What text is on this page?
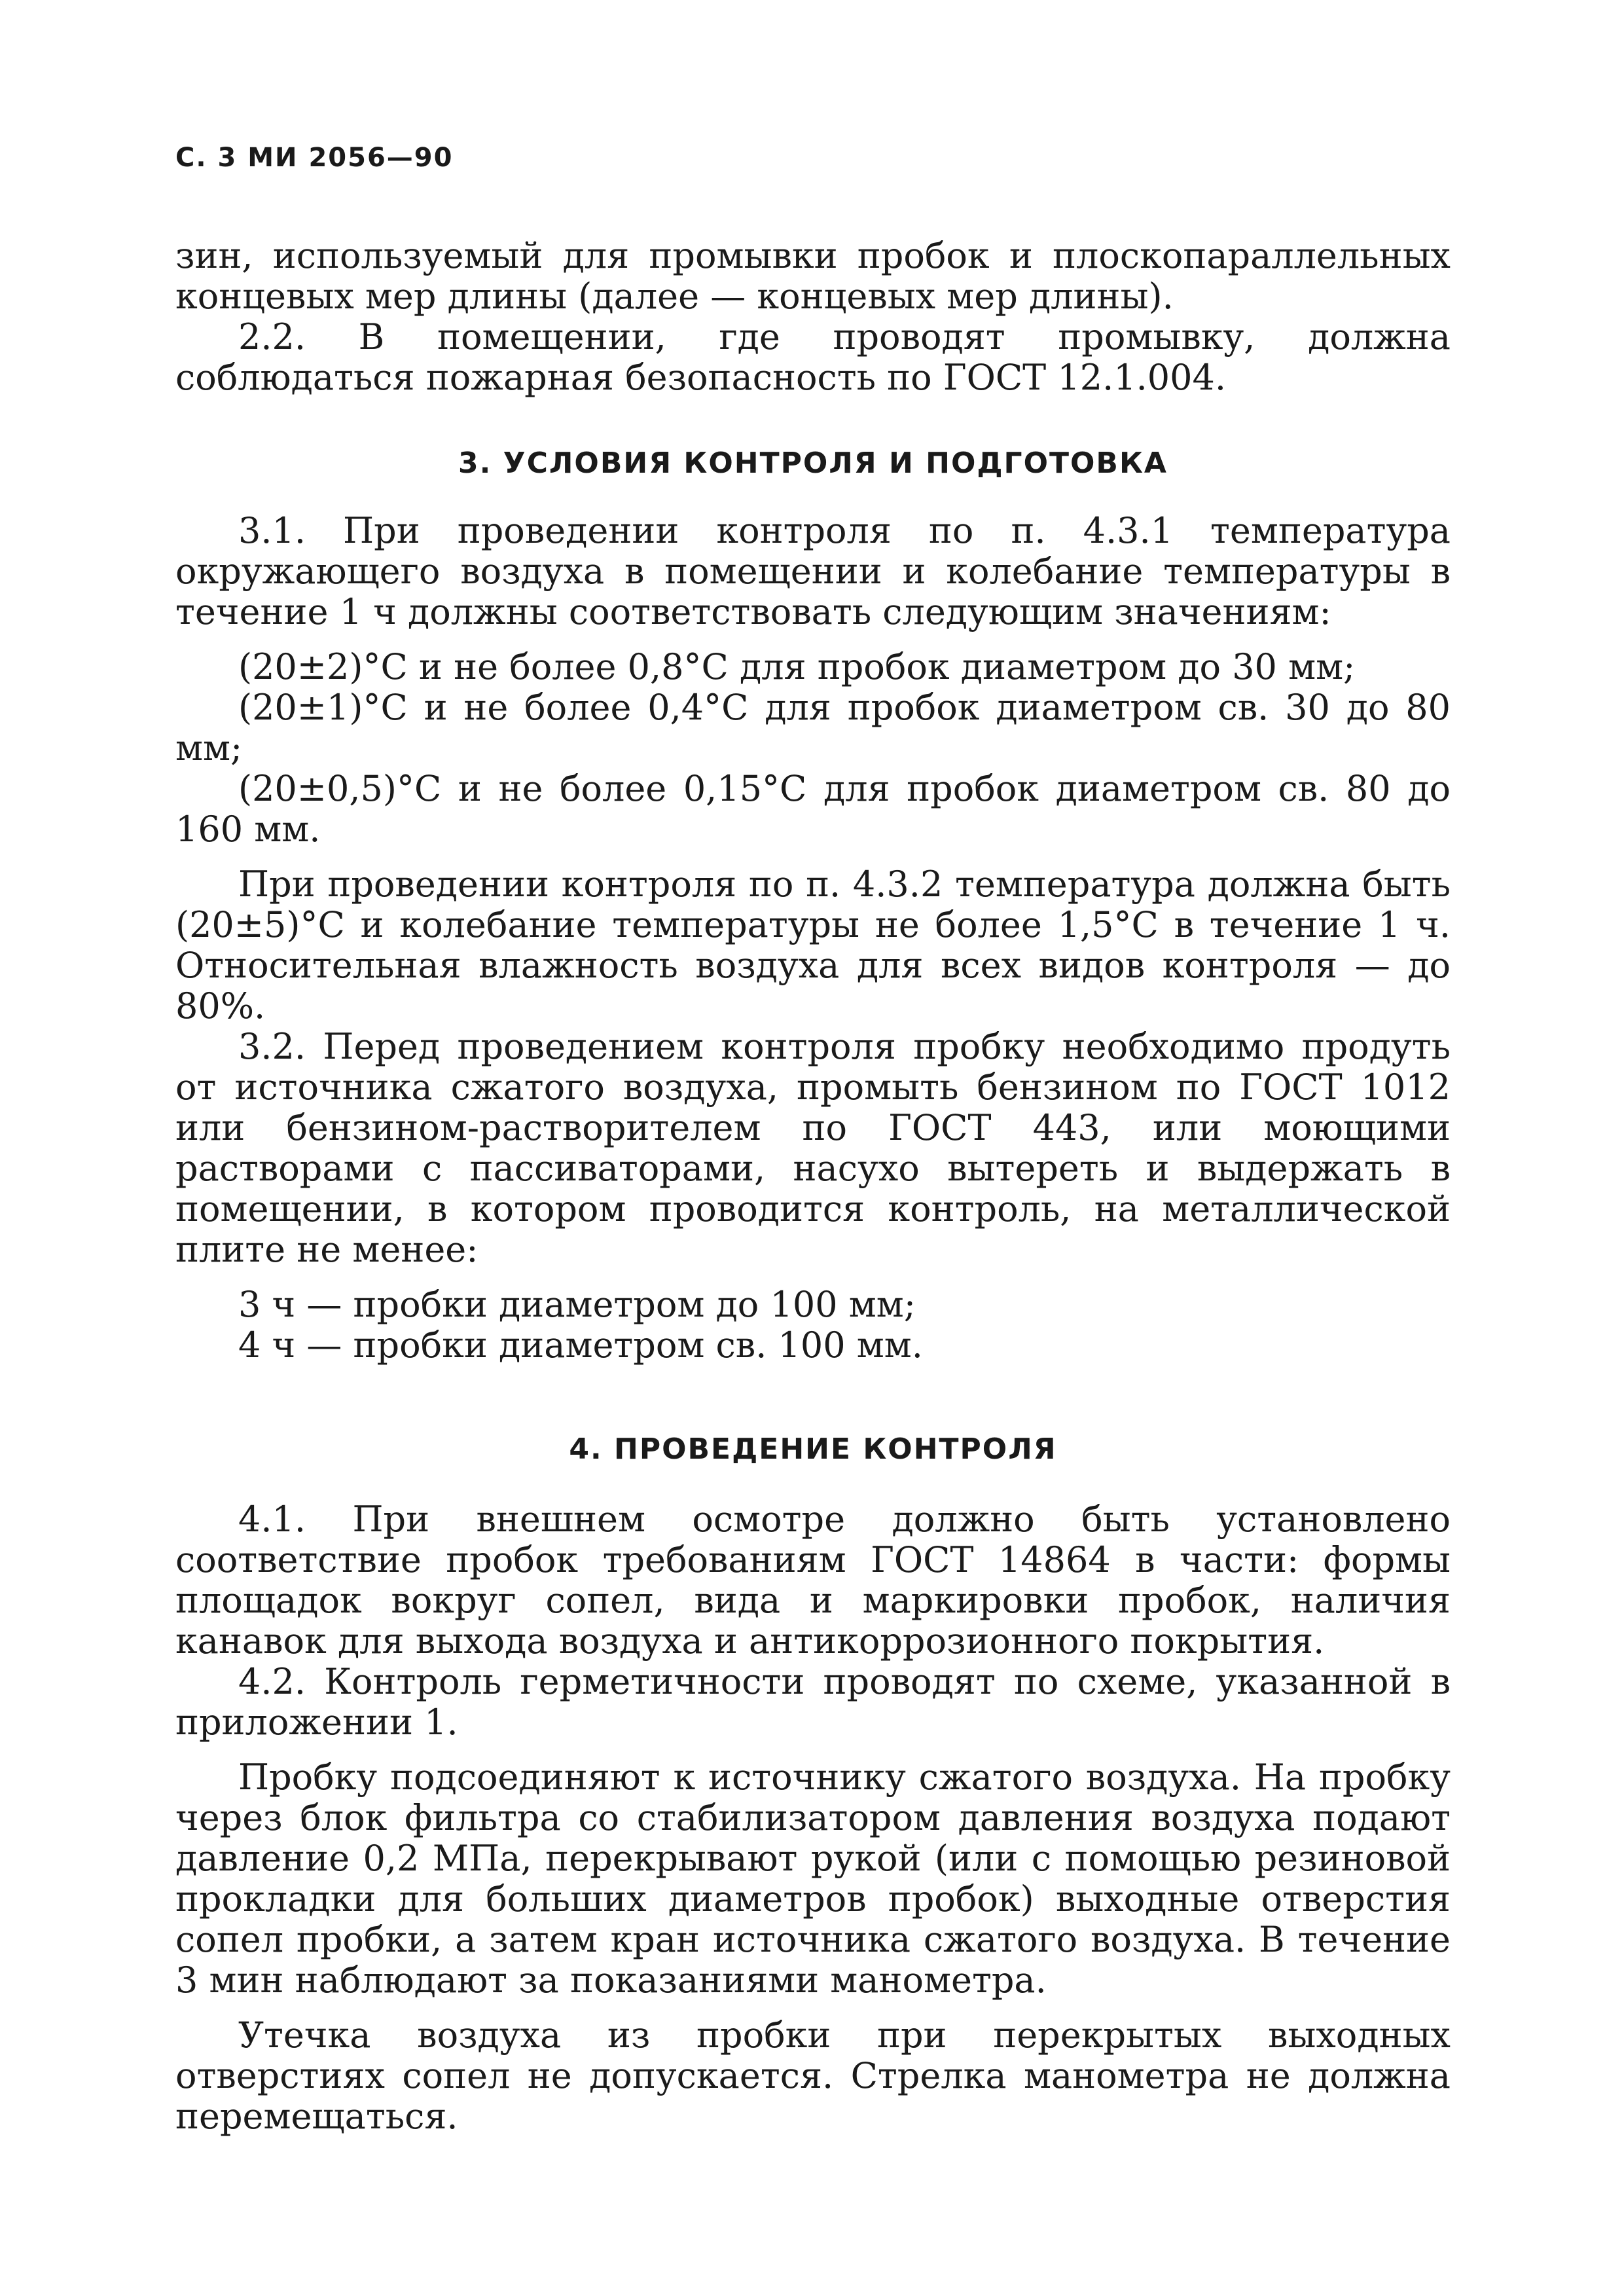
С. 3 МИ 2056—90

зин, используемый для промывки пробок и плоскопараллельных концевых мер длины (далее — концевых мер длины).

2.2. В помещении, где проводят промывку, должна соблюдаться пожарная безопасность по ГОСТ 12.1.004.

3. УСЛОВИЯ КОНТРОЛЯ И ПОДГОТОВКА

3.1. При проведении контроля по п. 4.3.1 температура окружающего воздуха в помещении и колебание температуры в течение 1 ч должны соответствовать следующим значениям:

(20±2)°С и не более 0,8°С для пробок диаметром до 30 мм;

(20±1)°С и не более 0,4°С для пробок диаметром св. 30 до 80 мм;

(20±0,5)°С и не более 0,15°С для пробок диаметром св. 80 до 160 мм.

При проведении контроля по п. 4.3.2 температура должна быть (20±5)°С и колебание температуры не более 1,5°С в течение 1 ч. Относительная влажность воздуха для всех видов контроля — до 80%.

3.2. Перед проведением контроля пробку необходимо продуть от источника сжатого воздуха, промыть бензином по ГОСТ 1012 или бензином-растворителем по ГОСТ 443, или моющими растворами с пассиваторами, насухо вытереть и выдержать в помещении, в котором проводится контроль, на металлической плите не менее:

3 ч — пробки диаметром до 100 мм;

4 ч — пробки диаметром св. 100 мм.

4. ПРОВЕДЕНИЕ КОНТРОЛЯ

4.1. При внешнем осмотре должно быть установлено соответствие пробок требованиям ГОСТ 14864 в части: формы площадок вокруг сопел, вида и маркировки пробок, наличия канавок для выхода воздуха и антикоррозионного покрытия.

4.2. Контроль герметичности проводят по схеме, указанной в приложении 1.

Пробку подсоединяют к источнику сжатого воздуха. На пробку через блок фильтра со стабилизатором давления воздуха подают давление 0,2 МПа, перекрывают рукой (или с помощью резиновой прокладки для больших диаметров пробок) выходные отверстия сопел пробки, а затем кран источника сжатого воздуха. В течение 3 мин наблюдают за показаниями манометра.

Утечка воздуха из пробки при перекрытых выходных отверстиях сопел не допускается. Стрелка манометра не должна перемещаться.
